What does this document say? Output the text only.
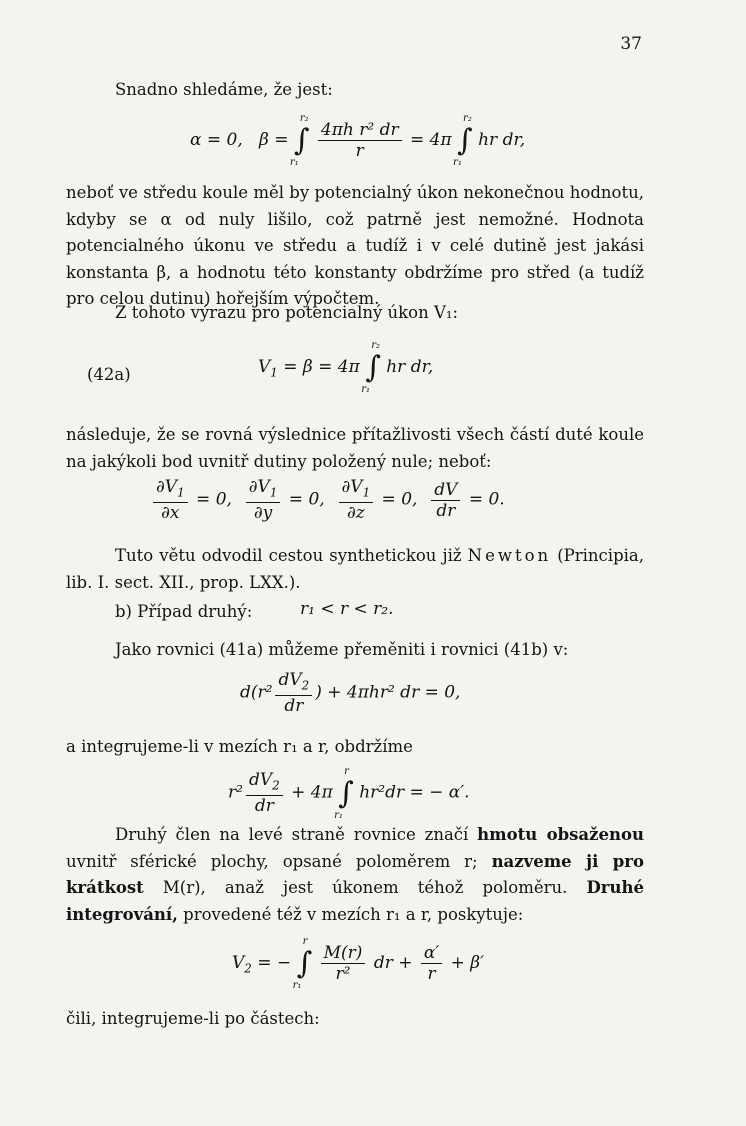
37
Snadno shledáme, že jest:
α = 0,   β = ∫
r₂
r₁

$\frac{\text{4πh r² dr}}{r} = 4\pi$ ∫
r₂
r₁
hr dr,
neboť ve středu koule měl by potencialný úkon nekonečnou hodnotu, kdyby se α od nuly lišilo, což patrně jest nemožné. Hodnota potencialného úkonu ve středu a tudíž i v celé dutině jest jakási konstanta β, a hodnotu této konstanty obdržíme pro střed (a tudíž pro celou dutinu) hořejším výpočtem.
Z tohoto výrazu pro potencialný úkon V₁:
(42a)	$V_1 = \beta = 4\pi$ ∫
r₂
r₁
hr dr,
následuje, že se rovná výslednice přítažlivosti všech částí duté koule na jakýkoli bod uvnitř dutiny položený nule; neboť:
$\frac{\partial V_1}{\partial x} = 0$, $\frac{\partial V_1}{\partial y} = 0$, $\frac{\partial V_1}{\partial z} = 0$, $\frac{dV}{dr} = 0$.
Tuto větu odvodil cestou synthetickou již Newton (Principia, lib. I. sect. XII., prop. LXX.).
b) Případ druhý:	r₁ < r < r₂.
Jako rovnici (41a) můžeme přeměniti i rovnici (41b) v:
$d(r^2 \frac{dV_2}{dr}$ ) + 4πhr² dr = 0,
a integrujeme-li v mezích r₁ a r, obdržíme
$r^2 \frac{dV_2}{dr} + 4\pi$ ∫
r
r₁
hr²dr = − α′.
Druhý člen na levé straně rovnice značí hmotu obsaženou uvnitř sférické plochy, opsané poloměrem r; nazveme ji pro krátkost M(r), anaž jest úkonem téhož poloměru. Druhé integrování, provedené též v mezích r₁ a r, poskytuje:
$V_2$ = − ∫
r
r₁

$\frac{M(r)}{\text{r²}}$ dr + $\frac{\alpha'}{r} + \beta'$
čili, integrujeme-li po částech:
